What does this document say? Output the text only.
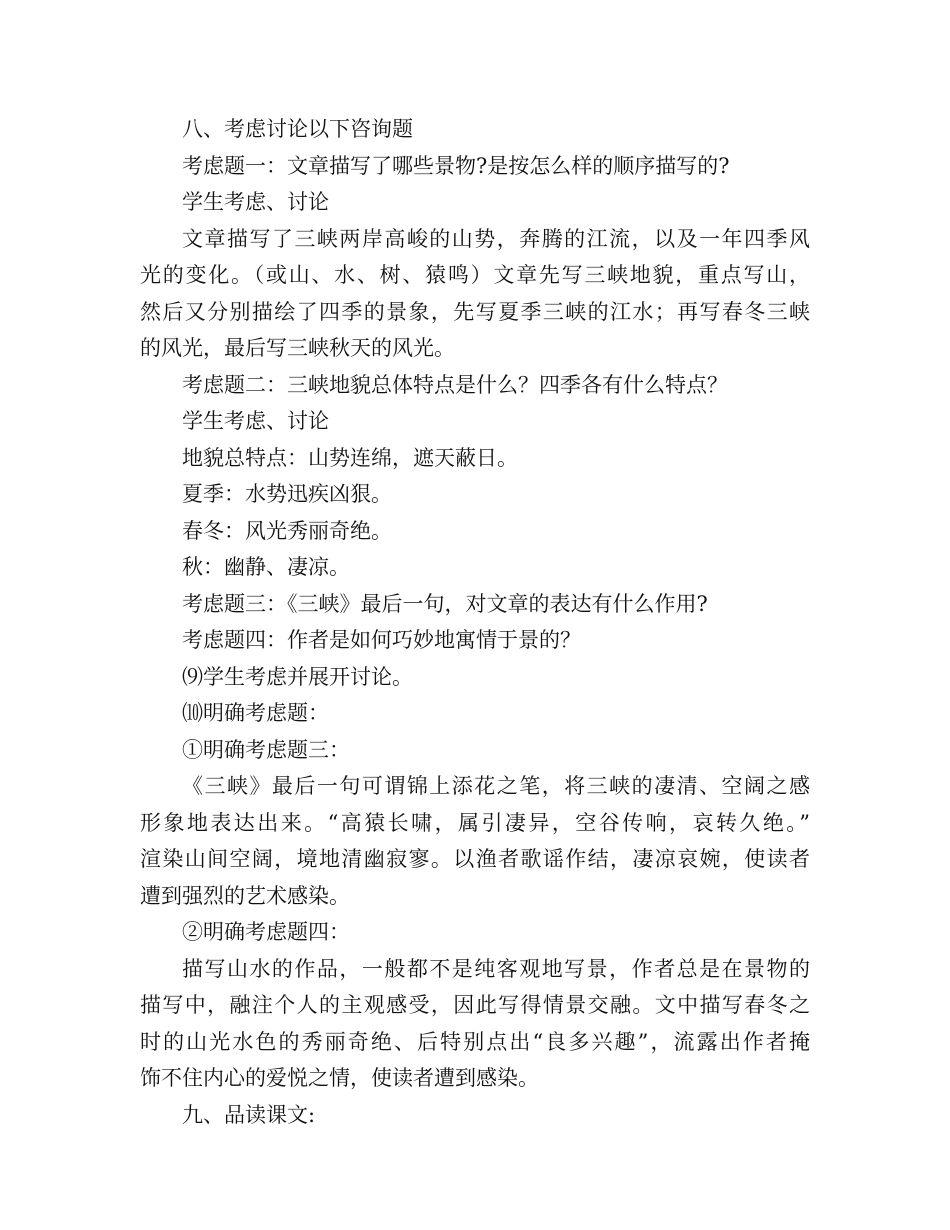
八、考虑讨论以下咨询题
考虑题一：文章描写了哪些景物?是按怎么样的顺序描写的?
学生考虑、讨论
文章描写了三峡两岸高峻的山势，奔腾的江流，以及一年四季风
光的变化。（或山、水、树、猿鸣）文章先写三峡地貌，重点写山，
然后又分别描绘了四季的景象，先写夏季三峡的江水；再写春冬三峡
的风光，最后写三峡秋天的风光。
考虑题二：三峡地貌总体特点是什么？四季各有什么特点？
学生考虑、讨论
地貌总特点：山势连绵，遮天蔽日。
夏季：水势迅疾凶狠。
春冬：风光秀丽奇绝。
秋：幽静、凄凉。
考虑题三：《三峡》最后一句，对文章的表达有什么作用?
考虑题四：作者是如何巧妙地寓情于景的？
⑼学生考虑并展开讨论。
⑽明确考虑题：
①明确考虑题三：
《三峡》最后一句可谓锦上添花之笔，将三峡的凄清、空阔之感
形象地表达出来。“高猿长啸，属引凄异，空谷传响，哀转久绝。”
渲染山间空阔，境地清幽寂寥。以渔者歌谣作结，凄凉哀婉，使读者
遭到强烈的艺术感染。
②明确考虑题四：
描写山水的作品，一般都不是纯客观地写景，作者总是在景物的
描写中，融注个人的主观感受，因此写得情景交融。文中描写春冬之
时的山光水色的秀丽奇绝、后特别点出“良多兴趣”，流露出作者掩
饰不住内心的爱悦之情，使读者遭到感染。
九、品读课文:
